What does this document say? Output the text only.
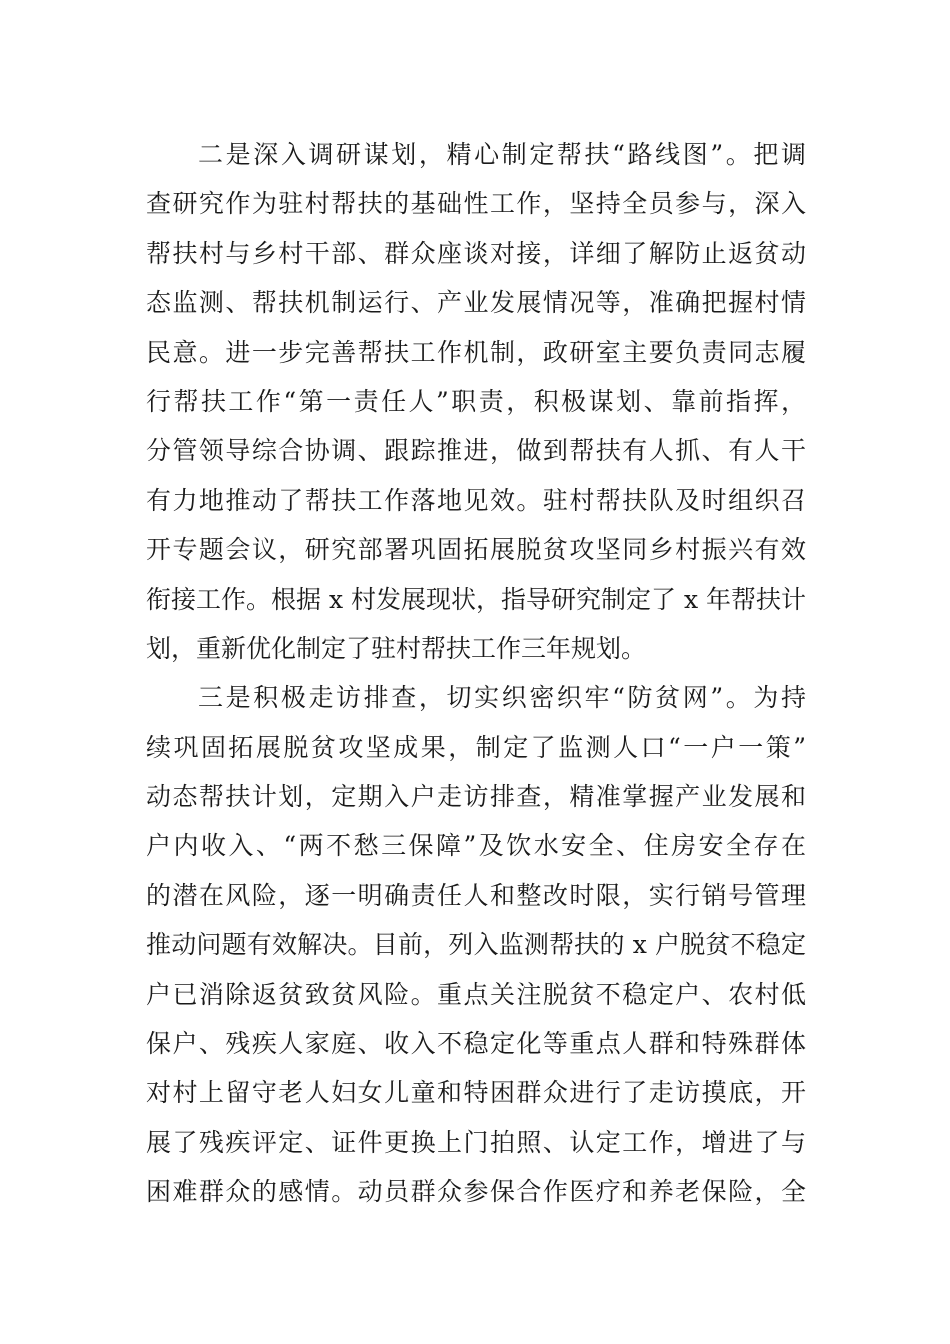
二是深入调研谋划，精心制定帮扶“路线图”。把调
查研究作为驻村帮扶的基础性工作，坚持全员参与，深入
帮扶村与乡村干部、群众座谈对接，详细了解防止返贫动
态监测、帮扶机制运行、产业发展情况等，准确把握村情
民意。进一步完善帮扶工作机制，政研室主要负责同志履
行帮扶工作“第一责任人”职责，积极谋划、靠前指挥，
分管领导综合协调、跟踪推进，做到帮扶有人抓、有人干
有力地推动了帮扶工作落地见效。驻村帮扶队及时组织召
开专题会议，研究部署巩固拓展脱贫攻坚同乡村振兴有效
衔接工作。根据 x 村发展现状，指导研究制定了 x 年帮扶计
划，重新优化制定了驻村帮扶工作三年规划。
三是积极走访排查，切实织密织牢“防贫网”。为持
续巩固拓展脱贫攻坚成果，制定了监测人口“一户一策”
动态帮扶计划，定期入户走访排查，精准掌握产业发展和
户内收入、“两不愁三保障”及饮水安全、住房安全存在
的潜在风险，逐一明确责任人和整改时限，实行销号管理
推动问题有效解决。目前，列入监测帮扶的 x 户脱贫不稳定
户已消除返贫致贫风险。重点关注脱贫不稳定户、农村低
保户、残疾人家庭、收入不稳定化等重点人群和特殊群体
对村上留守老人妇女儿童和特困群众进行了走访摸底，开
展了残疾评定、证件更换上门拍照、认定工作，增进了与
困难群众的感情。动员群众参保合作医疗和养老保险，全
